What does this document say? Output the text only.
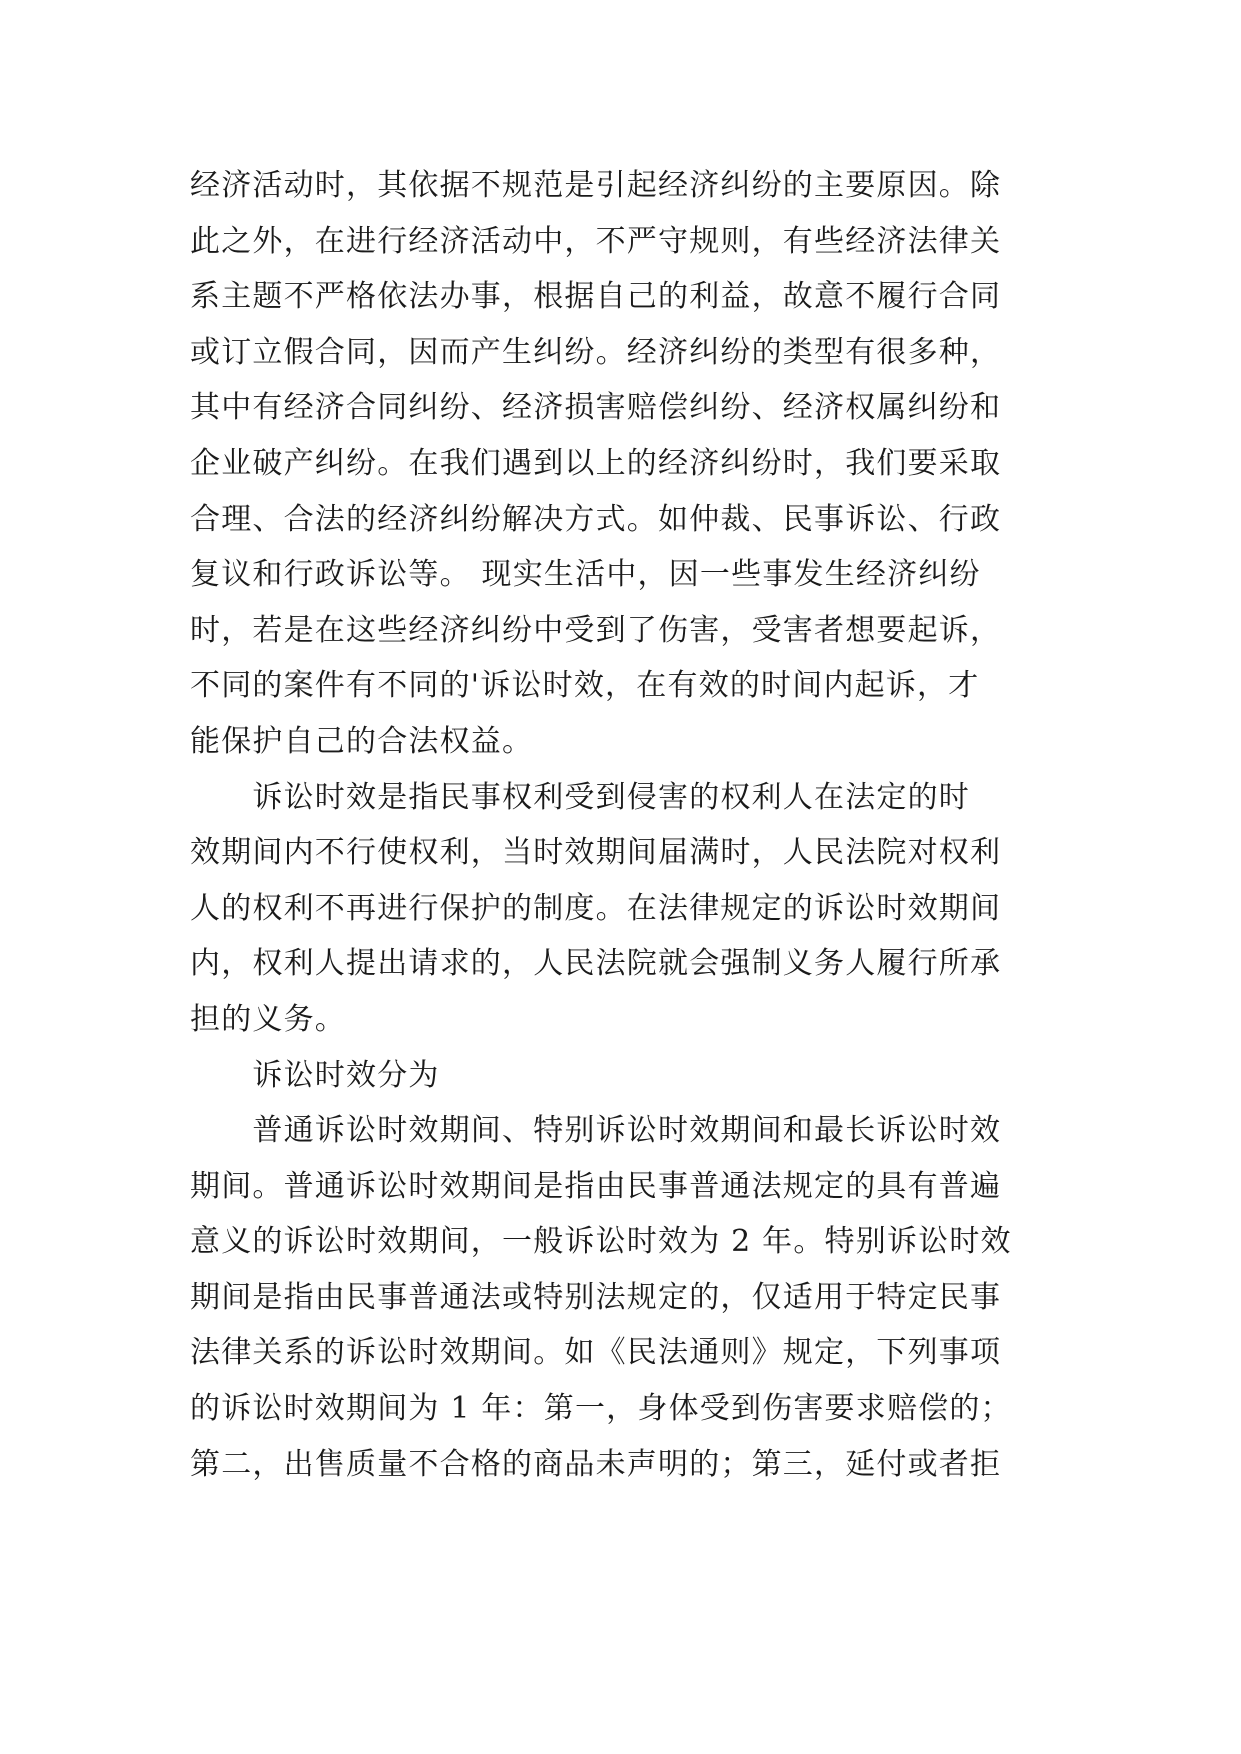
经济活动时，其依据不规范是引起经济纠纷的主要原因。除
此之外，在进行经济活动中，不严守规则，有些经济法律关
系主题不严格依法办事，根据自己的利益，故意不履行合同
或订立假合同，因而产生纠纷。经济纠纷的类型有很多种，
其中有经济合同纠纷、经济损害赔偿纠纷、经济权属纠纷和
企业破产纠纷。在我们遇到以上的经济纠纷时，我们要采取
合理、合法的经济纠纷解决方式。如仲裁、民事诉讼、行政
复议和行政诉讼等。 现实生活中，因一些事发生经济纠纷
时，若是在这些经济纠纷中受到了伤害，受害者想要起诉，
不同的案件有不同的'诉讼时效，在有效的时间内起诉，才
能保护自己的合法权益。
　　诉讼时效是指民事权利受到侵害的权利人在法定的时
效期间内不行使权利，当时效期间届满时，人民法院对权利
人的权利不再进行保护的制度。在法律规定的诉讼时效期间
内，权利人提出请求的，人民法院就会强制义务人履行所承
担的义务。
　　诉讼时效分为
　　普通诉讼时效期间、特别诉讼时效期间和最长诉讼时效
期间。普通诉讼时效期间是指由民事普通法规定的具有普遍
意义的诉讼时效期间，一般诉讼时效为 2 年。特别诉讼时效
期间是指由民事普通法或特别法规定的，仅适用于特定民事
法律关系的诉讼时效期间。如《民法通则》规定，下列事项
的诉讼时效期间为 1 年：第一，身体受到伤害要求赔偿的；
第二，出售质量不合格的商品未声明的；第三，延付或者拒
